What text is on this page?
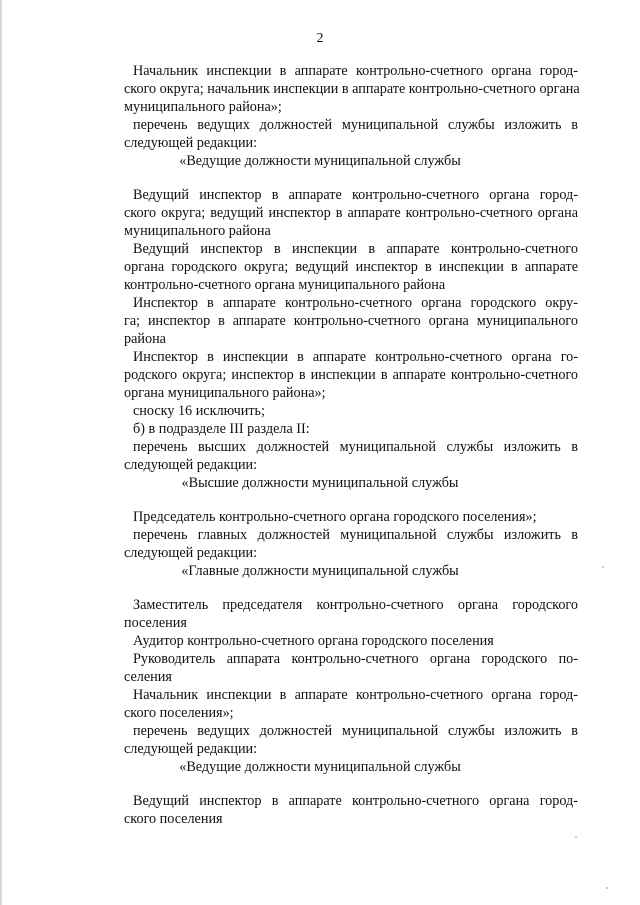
2
Начальник инспекции в аппарате контрольно-счетного органа город-
ского округа; начальник инспекции в аппарате контрольно-счетного органа
муниципального района»;
перечень ведущих должностей муниципальной службы изложить в
следующей редакции:
«Ведущие должности муниципальной службы
Ведущий инспектор в аппарате контрольно-счетного органа город-
ского округа; ведущий инспектор в аппарате контрольно-счетного органа
муниципального района
Ведущий инспектор в инспекции в аппарате контрольно-счетного
органа городского округа; ведущий инспектор в инспекции в аппарате
контрольно-счетного органа муниципального района
Инспектор в аппарате контрольно-счетного органа городского окру-
га; инспектор в аппарате контрольно-счетного органа муниципального
района
Инспектор в инспекции в аппарате контрольно-счетного органа го-
родского округа; инспектор в инспекции в аппарате контрольно-счетного
органа муниципального района»;
сноску 16 исключить;
б) в подразделе III раздела II:
перечень высших должностей муниципальной службы изложить в
следующей редакции:
«Высшие должности муниципальной службы
Председатель контрольно-счетного органа городского поселения»;
перечень главных должностей муниципальной службы изложить в
следующей редакции:
«Главные должности муниципальной службы
Заместитель председателя контрольно-счетного органа городского
поселения
Аудитор контрольно-счетного органа городского поселения
Руководитель аппарата контрольно-счетного органа городского по-
селения
Начальник инспекции в аппарате контрольно-счетного органа город-
ского поселения»;
перечень ведущих должностей муниципальной службы изложить в
следующей редакции:
«Ведущие должности муниципальной службы
Ведущий инспектор в аппарате контрольно-счетного органа город-
ского поселения
